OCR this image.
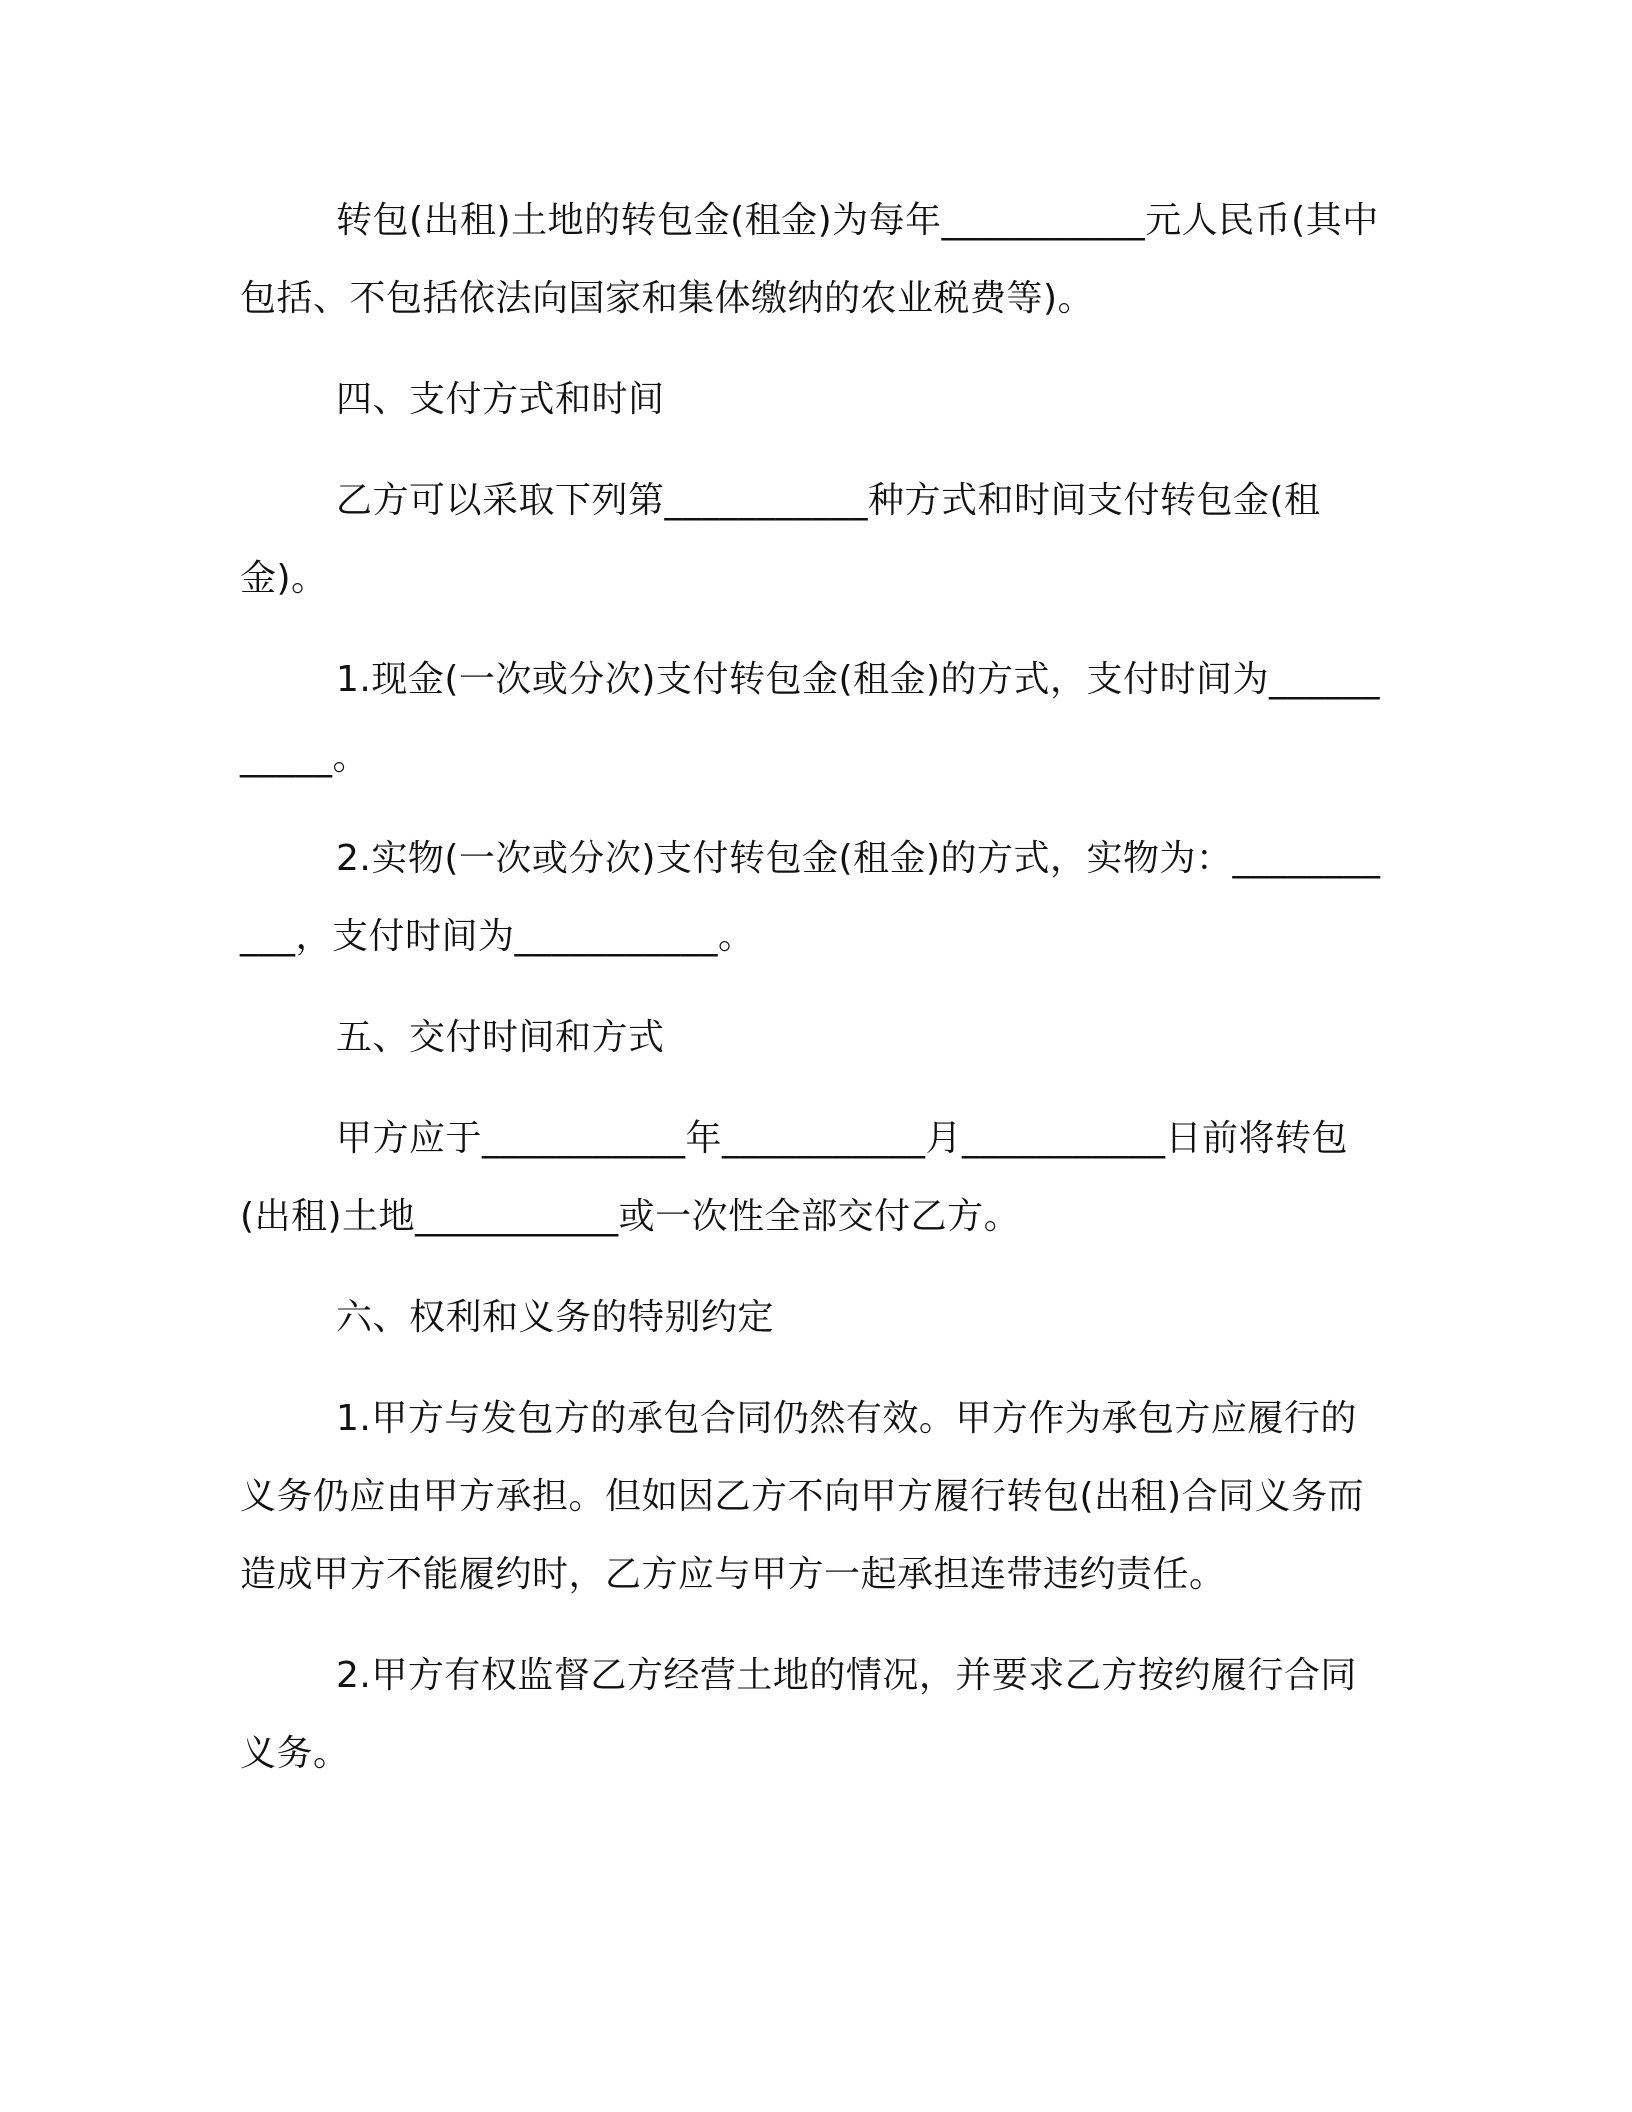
转包(出租)土地的转包金(租金)为每年___________元人民币(其中包括、不包括依法向国家和集体缴纳的农业税费等)。

四、支付方式和时间

乙方可以采取下列第___________种方式和时间支付转包金(租金)。

1.现金(一次或分次)支付转包金(租金)的方式，支付时间为___________。

2.实物(一次或分次)支付转包金(租金)的方式，实物为：___________，支付时间为___________。

五、交付时间和方式

甲方应于___________年___________月___________日前将转包(出租)土地___________或一次性全部交付乙方。

六、权利和义务的特别约定

1.甲方与发包方的承包合同仍然有效。甲方作为承包方应履行的义务仍应由甲方承担。但如因乙方不向甲方履行转包(出租)合同义务而造成甲方不能履约时，乙方应与甲方一起承担连带违约责任。

2.甲方有权监督乙方经营土地的情况，并要求乙方按约履行合同义务。
